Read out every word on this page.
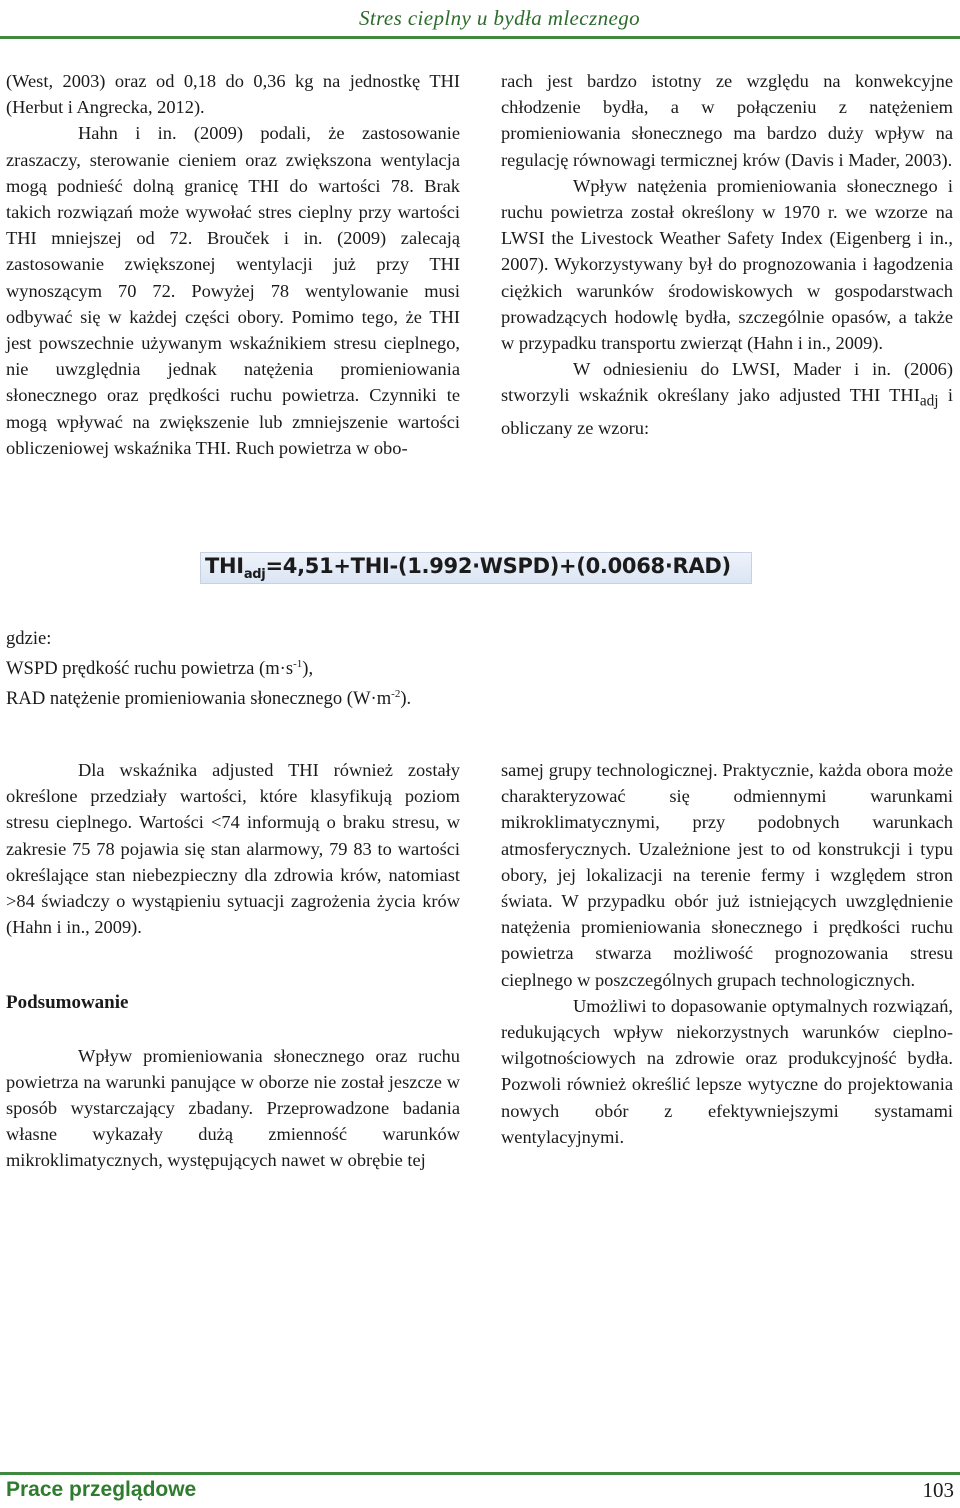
Stres cieplny u bydła mlecznego

(West, 2003) oraz od 0,18 do 0,36 kg na jednostkę THI (Herbut i Angrecka, 2012).

Hahn i in. (2009) podali, że zastosowanie zraszaczy, sterowanie cieniem oraz zwiększona wentylacja mogą podnieść dolną granicę THI do wartości 78. Brak takich rozwiązań może wywołać stres cieplny przy wartości THI mniejszej od 72. Brouček i in. (2009) zalecają zastosowanie zwiększonej wentylacji już przy THI wynoszącym 70 72. Powyżej 78 wentylowanie musi odbywać się w każdej części obory. Pomimo tego, że THI jest powszechnie używanym wskaźnikiem stresu cieplnego, nie uwzględnia jednak natężenia promieniowania słonecznego oraz prędkości ruchu powietrza. Czynniki te mogą wpływać na zwiększenie lub zmniejszenie wartości obliczeniowej wskaźnika THI. Ruch powietrza w obo-

rach jest bardzo istotny ze względu na konwekcyjne chłodzenie bydła, a w połączeniu z natężeniem promieniowania słonecznego ma bardzo duży wpływ na regulację równowagi termicznej krów (Davis i Mader, 2003).

Wpływ natężenia promieniowania słonecznego i ruchu powietrza został określony w 1970 r. we wzorze na LWSI the Livestock Weather Safety Index (Eigenberg i in., 2007). Wykorzystywany był do prognozowania i łagodzenia ciężkich warunków środowiskowych w gospodarstwach prowadzących hodowlę bydła, szczególnie opasów, a także w przypadku transportu zwierząt (Hahn i in., 2009).

W odniesieniu do LWSI, Mader i in. (2006) stworzyli wskaźnik określany jako adjusted THI $THI_{adj}$ i obliczany ze wzoru:

$THI_{adj}=4,51+THI-(1.992\cdot WSPD)+(0.0068\cdot RAD)$
gdzie:
WSPD prędkość ruchu powietrza $(m\cdot s^{-1})$,
RAD natężenie promieniowania słonecznego $(W\cdot m^{-2})$.

Dla wskaźnika adjusted THI również zostały określone przedziały wartości, które klasyfikują poziom stresu cieplnego. Wartości <74 informują o braku stresu, w zakresie 75 78 pojawia się stan alarmowy, 79 83 to wartości określające stan niebezpieczny dla zdrowia krów, natomiast >84 świadczy o wystąpieniu sytuacji zagrożenia życia krów (Hahn i in., 2009).

Podsumowanie

Wpływ promieniowania słonecznego oraz ruchu powietrza na warunki panujące w oborze nie został jeszcze w sposób wystarczający zbadany. Przeprowadzone badania własne wykazały dużą zmienność warunków mikroklimatycznych, występujących nawet w obrębie tej

samej grupy technologicznej. Praktycznie, każda obora może charakteryzować się odmiennymi warunkami mikroklimatycznymi, przy podobnych warunkach atmosferycznych. Uzależnione jest to od konstrukcji i typu obory, jej lokalizacji na terenie fermy i względem stron świata. W przypadku obór już istniejących uwzględnienie natężenia promieniowania słonecznego i prędkości ruchu powietrza stwarza możliwość prognozowania stresu cieplnego w poszczególnych grupach technologicznych.

Umożliwi to dopasowanie optymalnych rozwiązań, redukujących wpływ niekorzystnych warunków cieplno-wilgotnościowych na zdrowie oraz produkcyjność bydła. Pozwoli również określić lepsze wytyczne do projektowania nowych obór z efektywniejszymi systamami wentylacyjnymi.

Prace przeglądowe	103
